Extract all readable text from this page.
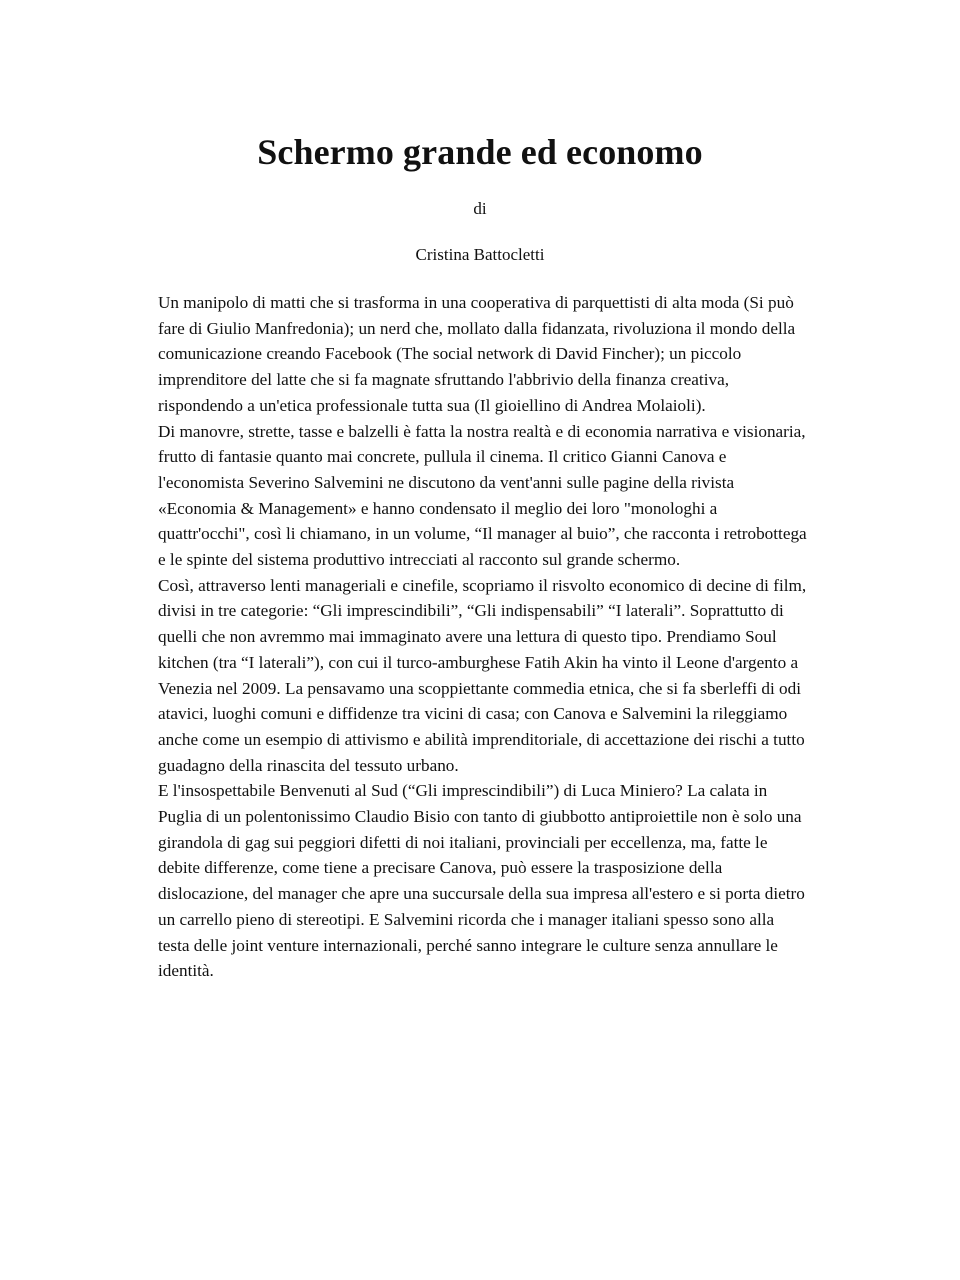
Schermo grande ed economo
di
Cristina Battocletti

Un manipolo di matti che si trasforma in una cooperativa di parquettisti di alta moda (Si può fare di Giulio Manfredonia); un nerd che, mollato dalla fidanzata, rivoluziona il mondo della comunicazione creando Facebook (The social network di David Fincher); un piccolo imprenditore del latte che si fa magnate sfruttando l'abbrivio della finanza creativa, rispondendo a un'etica professionale tutta sua (Il gioiellino di Andrea Molaioli).

Di manovre, strette, tasse e balzelli è fatta la nostra realtà e di economia narrativa e visionaria, frutto di fantasie quanto mai concrete, pullula il cinema. Il critico Gianni Canova e l'economista Severino Salvemini ne discutono da vent'anni sulle pagine della rivista «Economia & Management» e hanno condensato il meglio dei loro "monologhi a quattr'occhi", così li chiamano, in un volume, “Il manager al buio”, che racconta i retrobottega e le spinte del sistema produttivo intrecciati al racconto sul grande schermo.

Così, attraverso lenti manageriali e cinefile, scopriamo il risvolto economico di decine di film, divisi in tre categorie: “Gli imprescindibili”, “Gli indispensabili” “I laterali”. Soprattutto di quelli che non avremmo mai immaginato avere una lettura di questo tipo. Prendiamo Soul kitchen (tra “I laterali”), con cui il turco-amburghese Fatih Akin ha vinto il Leone d'argento a Venezia nel 2009. La pensavamo una scoppiettante commedia etnica, che si fa sberleffi di odi atavici, luoghi comuni e diffidenze tra vicini di casa; con Canova e Salvemini la rileggiamo anche come un esempio di attivismo e abilità imprenditoriale, di accettazione dei rischi a tutto guadagno della rinascita del tessuto urbano.

E l'insospettabile Benvenuti al Sud (“Gli imprescindibili”) di Luca Miniero? La calata in Puglia di un polentonissimo Claudio Bisio con tanto di giubbotto antiproiettile non è solo una girandola di gag sui peggiori difetti di noi italiani, provinciali per eccellenza, ma, fatte le debite differenze, come tiene a precisare Canova, può essere la trasposizione della dislocazione, del manager che apre una succursale della sua impresa all'estero e si porta dietro un carrello pieno di stereotipi. E Salvemini ricorda che i manager italiani spesso sono alla testa delle joint venture internazionali, perché sanno integrare le culture senza annullare le identità.
